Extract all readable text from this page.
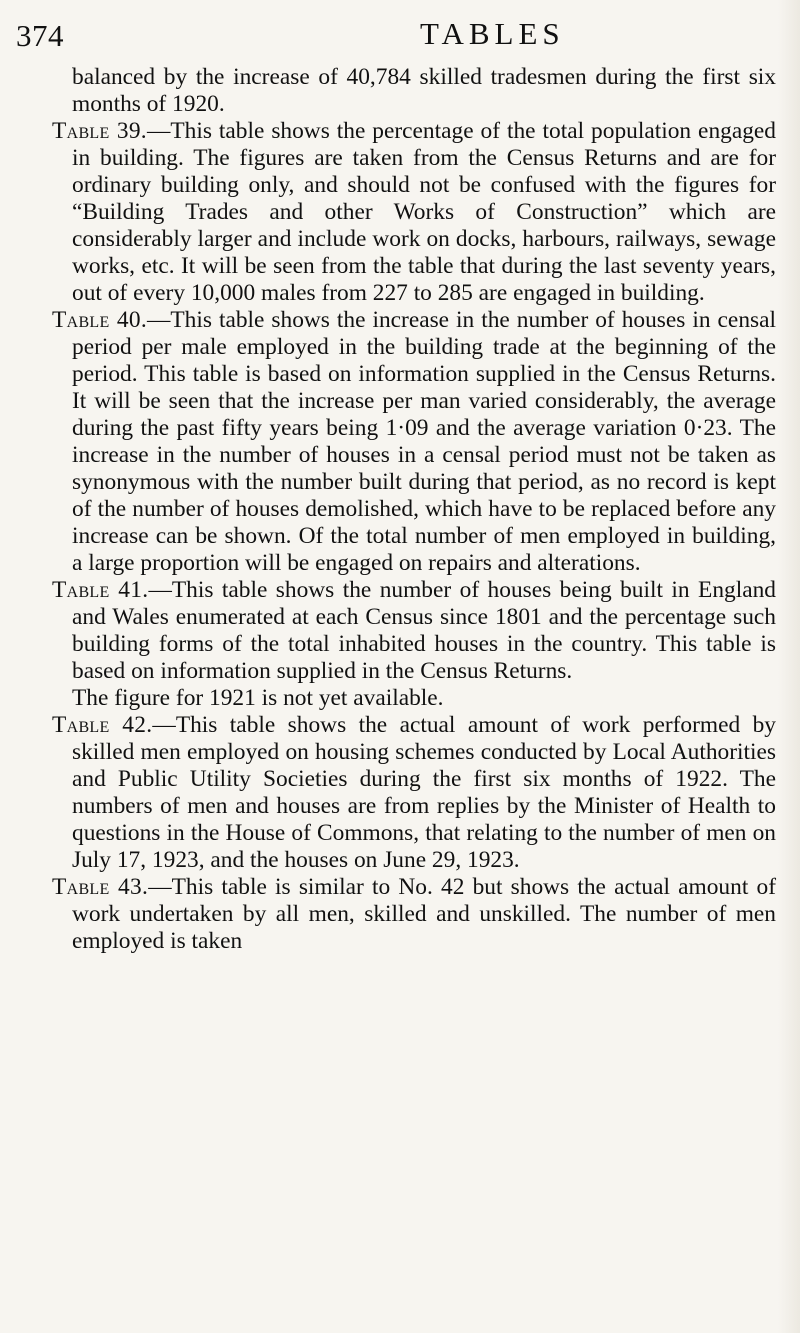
374	TABLES

balanced by the increase of 40,784 skilled tradesmen during the first six months of 1920.

Table 39.—This table shows the percentage of the total population engaged in building. The figures are taken from the Census Returns and are for ordinary building only, and should not be confused with the figures for “Building Trades and other Works of Construction” which are considerably larger and include work on docks, harbours, railways, sewage works, etc. It will be seen from the table that during the last seventy years, out of every 10,000 males from 227 to 285 are engaged in building.

Table 40.—This table shows the increase in the number of houses in censal period per male employed in the building trade at the beginning of the period. This table is based on information supplied in the Census Returns. It will be seen that the increase per man varied considerably, the average during the past fifty years being 1·09 and the average variation 0·23. The increase in the number of houses in a censal period must not be taken as synonymous with the number built during that period, as no record is kept of the number of houses demolished, which have to be replaced before any increase can be shown. Of the total number of men employed in building, a large proportion will be engaged on repairs and alterations.

Table 41.—This table shows the number of houses being built in England and Wales enumerated at each Census since 1801 and the percentage such building forms of the total inhabited houses in the country. This table is based on information supplied in the Census Returns.
The figure for 1921 is not yet available.

Table 42.—This table shows the actual amount of work performed by skilled men employed on housing schemes conducted by Local Authorities and Public Utility Societies during the first six months of 1922. The numbers of men and houses are from replies by the Minister of Health to questions in the House of Commons, that relating to the number of men on July 17, 1923, and the houses on June 29, 1923.

Table 43.—This table is similar to No. 42 but shows the actual amount of work undertaken by all men, skilled and unskilled. The number of men employed is taken
